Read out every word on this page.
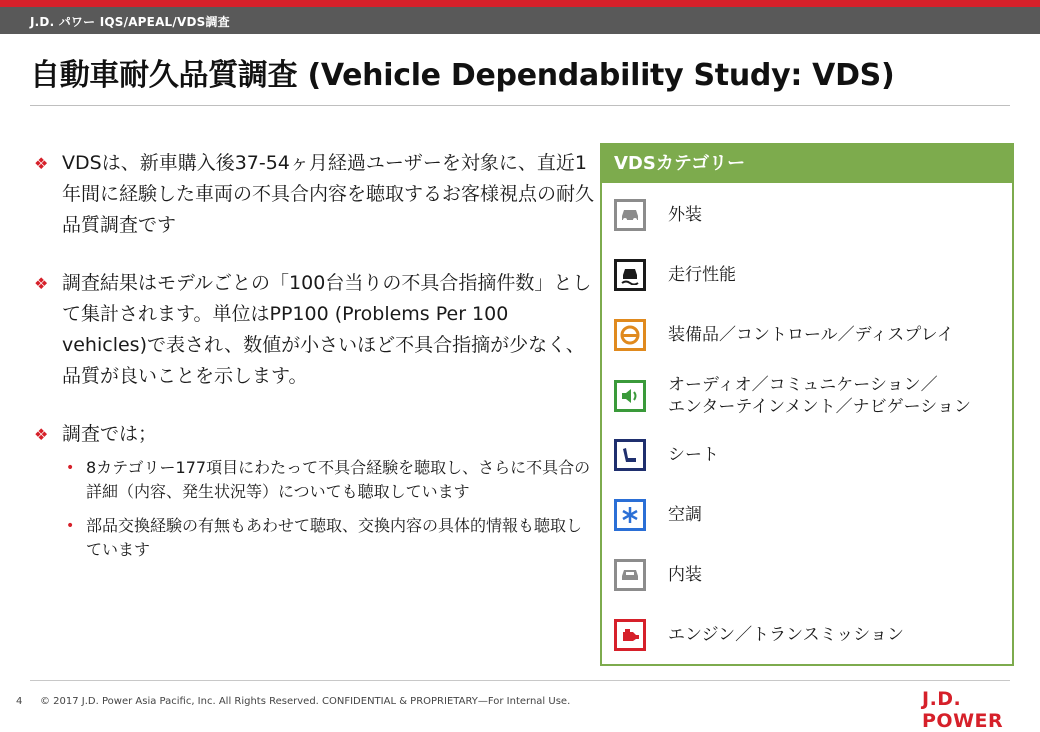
J.D. パワー IQS/APEAL/VDS調査
自動車耐久品質調査 (Vehicle Dependability Study: VDS)
❖ VDSは、新車購入後37-54ヶ月経過ユーザーを対象に、直近1年間に経験した車両の不具合内容を聴取するお客様視点の耐久品質調査です
❖ 調査結果はモデルごとの「100台当りの不具合指摘件数」として集計されます。単位はPP100 (Problems Per 100 vehicles)で表され、数値が小さいほど不具合指摘が少なく、品質が良いことを示します。
❖ 調査では；
• 8カテゴリー177項目にわたって不具合経験を聴取し、さらに不具合の詳細（内容、発生状況等）についても聴取しています
• 部品交換経験の有無もあわせて聴取、交換内容の具体的情報も聴取しています
VDSカテゴリー
外装
走行性能
装備品／コントロール／ディスプレイ
オーディオ／コミュニケーション／
エンターテインメント／ナビゲーション
シート
空調
内装
エンジン／トランスミッション
4 © 2017 J.D. Power Asia Pacific, Inc. All Rights Reserved. CONFIDENTIAL & PROPRIETARY—For Internal Use.	J.D. POWER
